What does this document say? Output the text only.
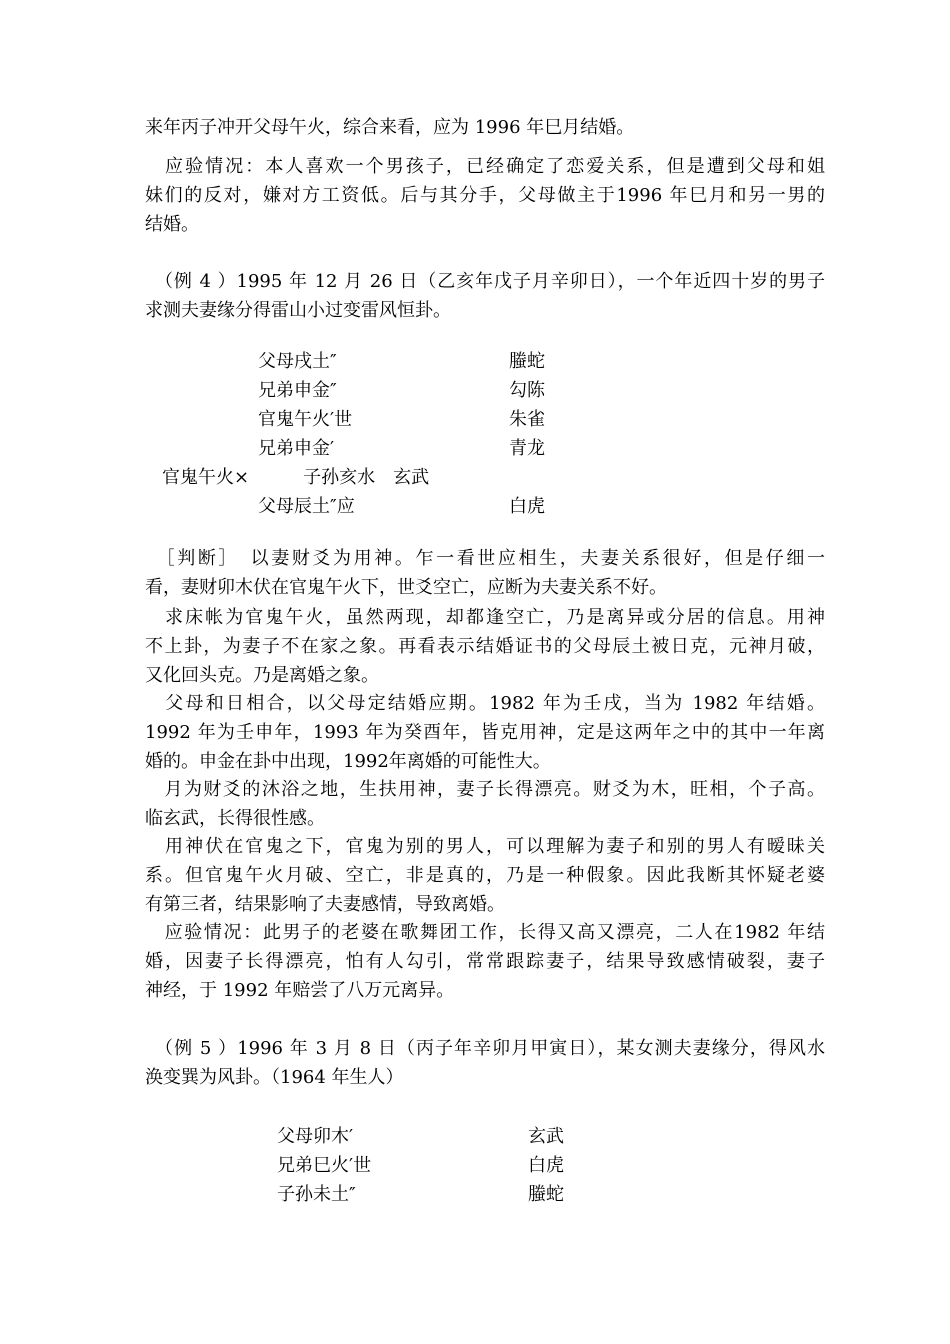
来年丙子冲开父母午火，综合来看，应为 1996 年巳月结婚。
　应验情况：本人喜欢一个男孩子，已经确定了恋爱关系，但是遭到父母和姐
妹们的反对，嫌对方工资低。后与其分手，父母做主于1996 年巳月和另一男的
结婚。
　（例 4 ）1995 年 12 月 26 日（乙亥年戊子月辛卯日），一个年近四十岁的男子
求测夫妻缘分得雷山小过变雷风恒卦。
父母戌土″	螣蛇
兄弟申金″	勾陈
官鬼午火′世	朱雀
兄弟申金′	青龙
官鬼午火×　　　子孙亥水　玄武
父母辰土″应	白虎
　［判断］　以妻财爻为用神。乍一看世应相生，夫妻关系很好，但是仔细一
看，妻财卯木伏在官鬼午火下，世爻空亡，应断为夫妻关系不好。
　求床帐为官鬼午火，虽然两现，却都逢空亡，乃是离异或分居的信息。用神
不上卦，为妻子不在家之象。再看表示结婚证书的父母辰土被日克，元神月破，
又化回头克。乃是离婚之象。
　父母和日相合，以父母定结婚应期。1982 年为壬戌，当为 1982 年结婚。
1992 年为壬申年，1993 年为癸酉年，皆克用神，定是这两年之中的其中一年离
婚的。申金在卦中出现，1992年离婚的可能性大。
　月为财爻的沐浴之地，生扶用神，妻子长得漂亮。财爻为木，旺相，个子高。
临玄武，长得很性感。
　用神伏在官鬼之下，官鬼为别的男人，可以理解为妻子和别的男人有暧昧关
系。但官鬼午火月破、空亡，非是真的，乃是一种假象。因此我断其怀疑老婆
有第三者，结果影响了夫妻感情，导致离婚。
　应验情况：此男子的老婆在歌舞团工作，长得又高又漂亮，二人在1982 年结
婚，因妻子长得漂亮，怕有人勾引，常常跟踪妻子，结果导致感情破裂，妻子
神经，于 1992 年赔尝了八万元离异。
　（例 5 ）1996 年 3 月 8 日（丙子年辛卯月甲寅日），某女测夫妻缘分，得风水
涣变巽为风卦。（1964 年生人）
父母卯木′	玄武
兄弟巳火′世	白虎
子孙未土″	螣蛇
